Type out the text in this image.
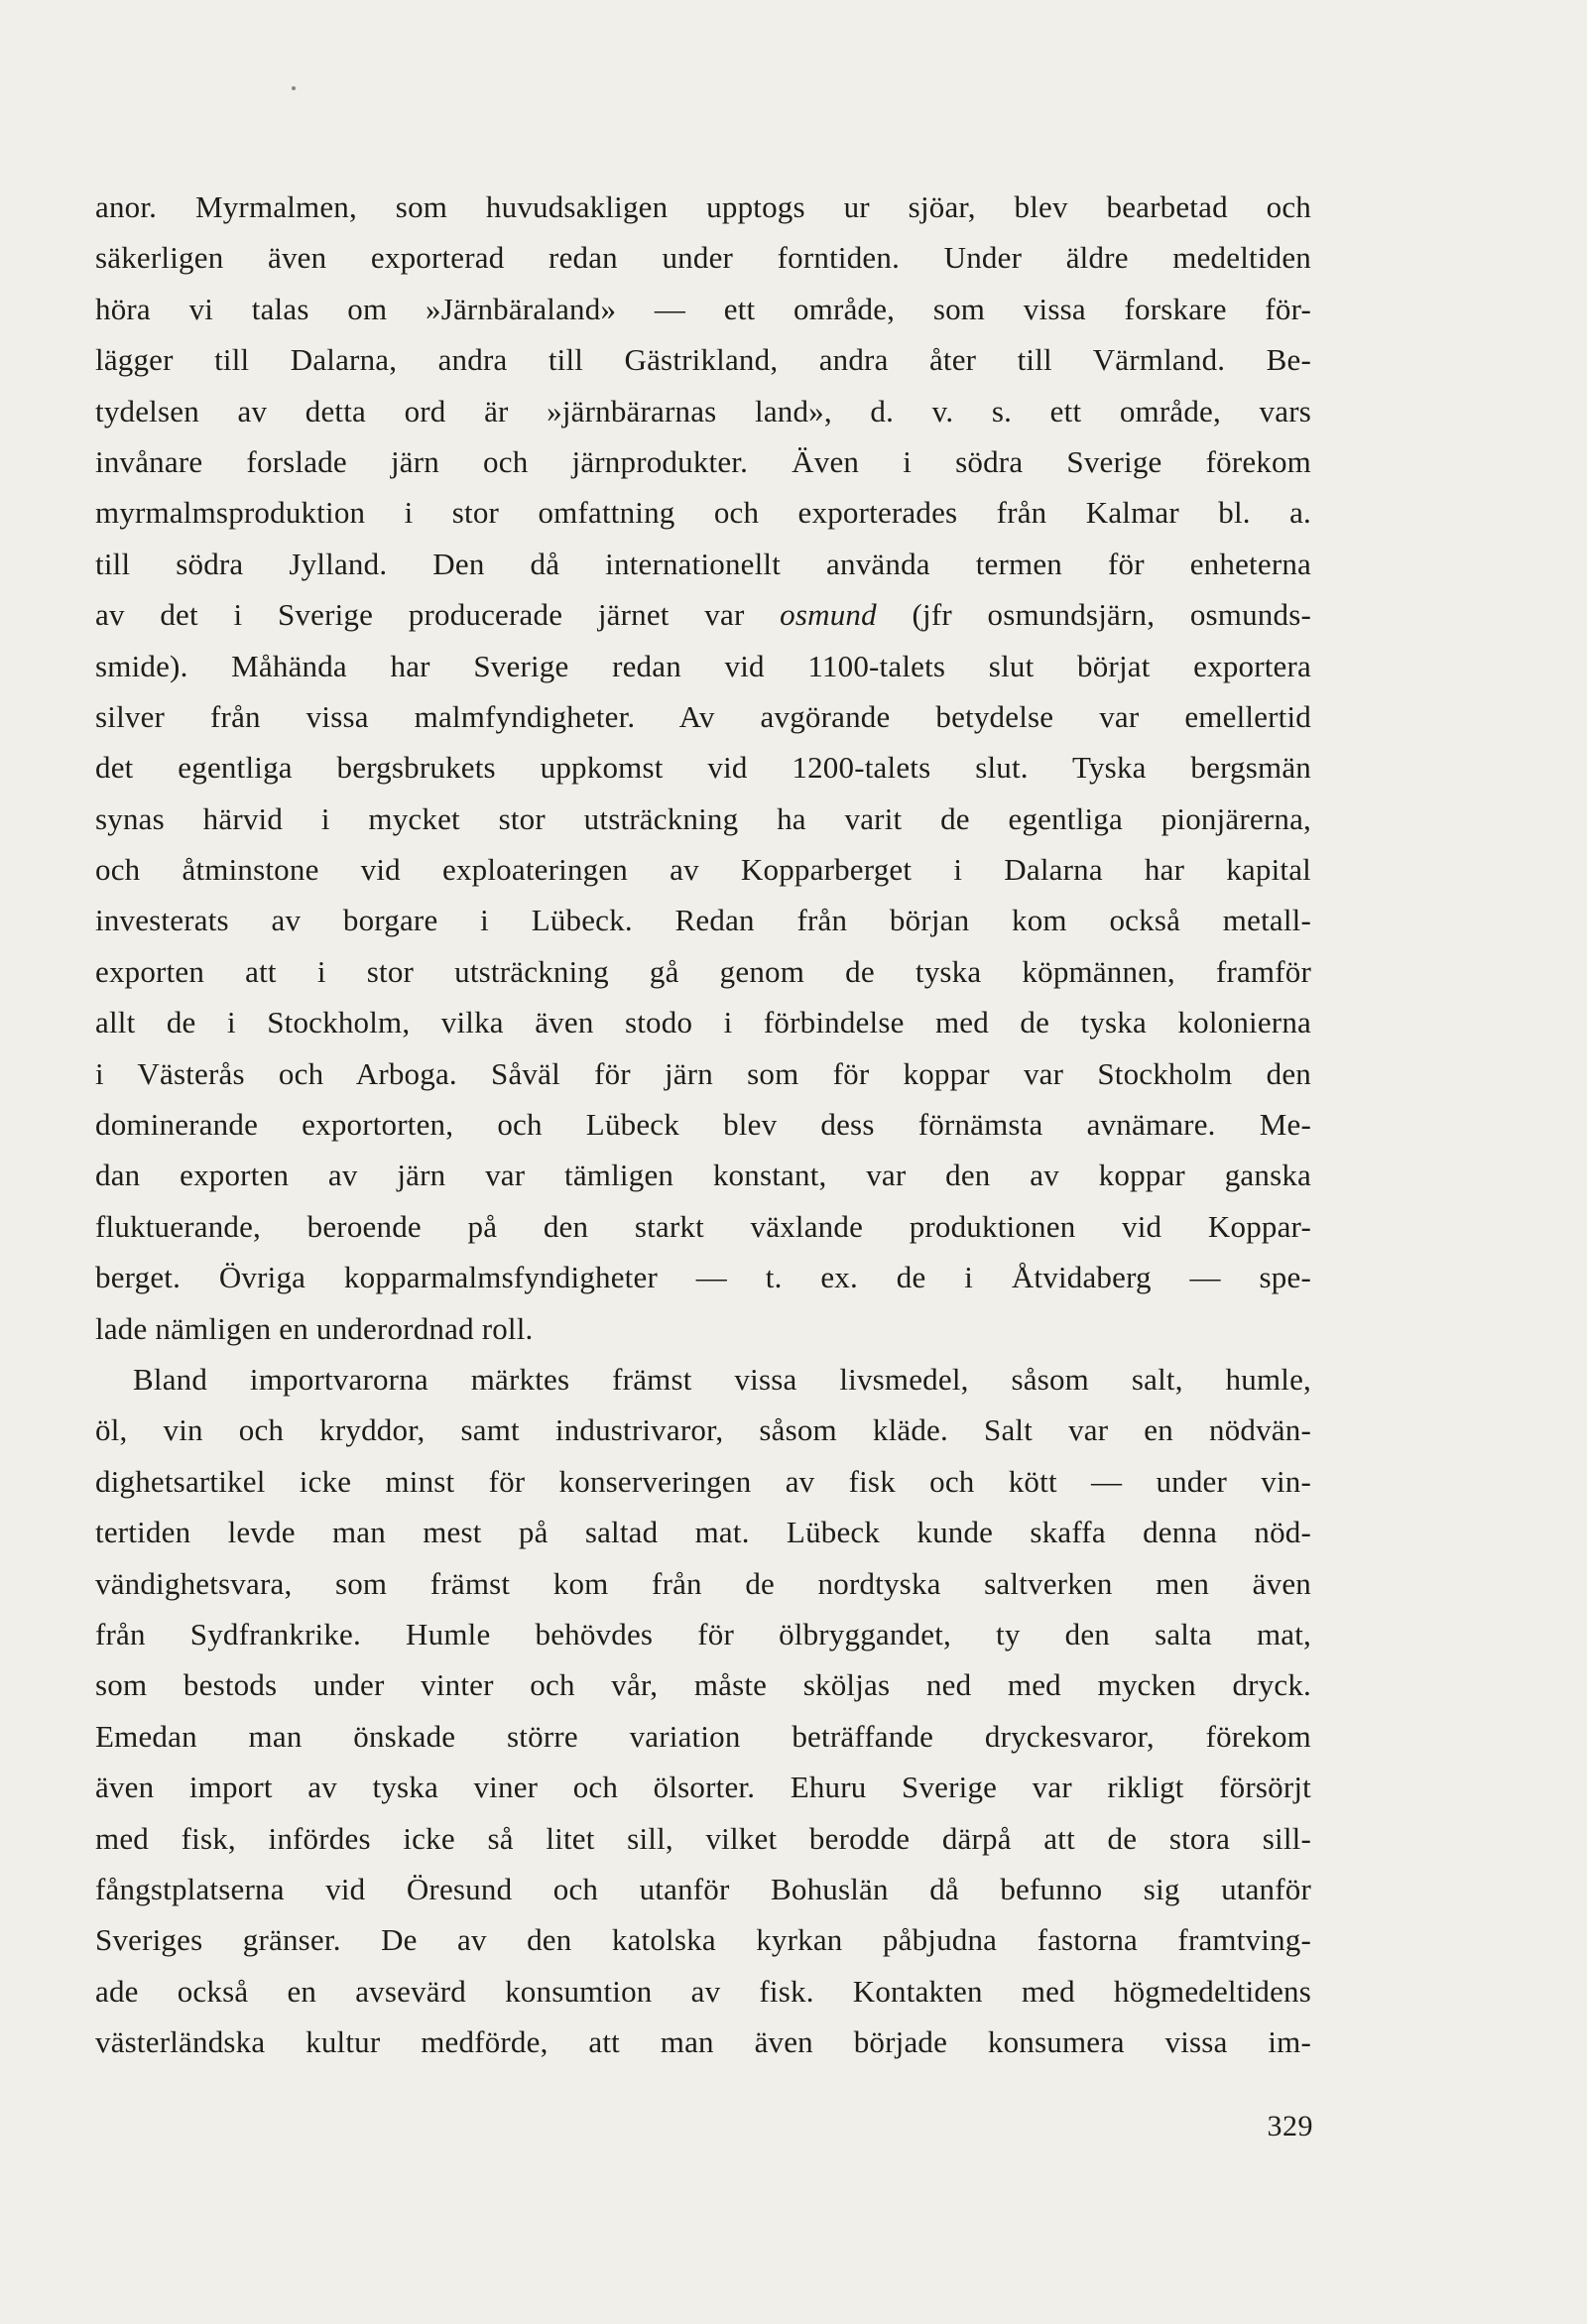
anor. Myrmalmen, som huvudsakligen upptogs ur sjöar, blev bearbetad och
säkerligen även exporterad redan under forntiden. Under äldre medeltiden
höra vi talas om »Järnbäraland» — ett område, som vissa forskare för-
lägger till Dalarna, andra till Gästrikland, andra åter till Värmland. Be-
tydelsen av detta ord är »järnbärarnas land», d. v. s. ett område, vars
invånare forslade järn och järnprodukter. Även i södra Sverige förekom
myrmalmsproduktion i stor omfattning och exporterades från Kalmar bl. a.
till södra Jylland. Den då internationellt använda termen för enheterna
av det i Sverige producerade järnet var osmund (jfr osmundsjärn, osmunds-
smide). Måhända har Sverige redan vid 1100-talets slut börjat exportera
silver från vissa malmfyndigheter. Av avgörande betydelse var emellertid
det egentliga bergsbrukets uppkomst vid 1200-talets slut. Tyska bergsmän
synas härvid i mycket stor utsträckning ha varit de egentliga pionjärerna,
och åtminstone vid exploateringen av Kopparberget i Dalarna har kapital
investerats av borgare i Lübeck. Redan från början kom också metall-
exporten att i stor utsträckning gå genom de tyska köpmännen, framför
allt de i Stockholm, vilka även stodo i förbindelse med de tyska kolonierna
i Västerås och Arboga. Såväl för järn som för koppar var Stockholm den
dominerande exportorten, och Lübeck blev dess förnämsta avnämare. Me-
dan exporten av järn var tämligen konstant, var den av koppar ganska
fluktuerande, beroende på den starkt växlande produktionen vid Koppar-
berget. Övriga kopparmalmsfyndigheter — t. ex. de i Åtvidaberg — spe-
lade nämligen en underordnad roll.
Bland importvarorna märktes främst vissa livsmedel, såsom salt, humle,
öl, vin och kryddor, samt industrivaror, såsom kläde. Salt var en nödvän-
dighetsartikel icke minst för konserveringen av fisk och kött — under vin-
tertiden levde man mest på saltad mat. Lübeck kunde skaffa denna nöd-
vändighetsvara, som främst kom från de nordtyska saltverken men även
från Sydfrankrike. Humle behövdes för ölbryggandet, ty den salta mat,
som bestods under vinter och vår, måste sköljas ned med mycken dryck.
Emedan man önskade större variation beträffande dryckesvaror, förekom
även import av tyska viner och ölsorter. Ehuru Sverige var rikligt försörjt
med fisk, infördes icke så litet sill, vilket berodde därpå att de stora sill-
fångstplatserna vid Öresund och utanför Bohuslän då befunno sig utanför
Sveriges gränser. De av den katolska kyrkan påbjudna fastorna framtving-
ade också en avsevärd konsumtion av fisk. Kontakten med högmedeltidens
västerländska kultur medförde, att man även började konsumera vissa im-
329
